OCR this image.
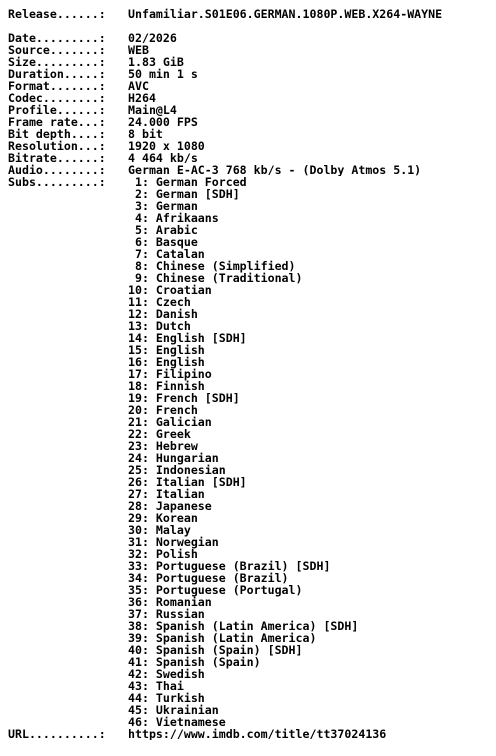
Release......:	Unfamiliar.S01E06.GERMAN.1080P.WEB.X264-WAYNE
Date.........:	02/2026
Source.......:	WEB
Size.........:	1.83 GiB
Duration.....:	50 min 1 s
Format.......:	AVC
Codec........:	H264
Profile......:	Main@L4
Frame rate...:	24.000 FPS
Bit depth....:	8 bit
Resolution...:	1920 x 1080
Bitrate......:	4 464 kb/s
Audio........:	German E-AC-3 768 kb/s - (Dolby Atmos 5.1)
Subs.........:	1: German Forced
2: German [SDH]
3: German
4: Afrikaans
5: Arabic
6: Basque
7: Catalan
8: Chinese (Simplified)
9: Chinese (Traditional)
10: Croatian
11: Czech
12: Danish
13: Dutch
14: English [SDH]
15: English
16: English
17: Filipino
18: Finnish
19: French [SDH]
20: French
21: Galician
22: Greek
23: Hebrew
24: Hungarian
25: Indonesian
26: Italian [SDH]
27: Italian
28: Japanese
29: Korean
30: Malay
31: Norwegian
32: Polish
33: Portuguese (Brazil) [SDH]
34: Portuguese (Brazil)
35: Portuguese (Portugal)
36: Romanian
37: Russian
38: Spanish (Latin America) [SDH]
39: Spanish (Latin America)
40: Spanish (Spain) [SDH]
41: Spanish (Spain)
42: Swedish
43: Thai
44: Turkish
45: Ukrainian
46: Vietnamese
URL..........:	https://www.imdb.com/title/tt37024136
